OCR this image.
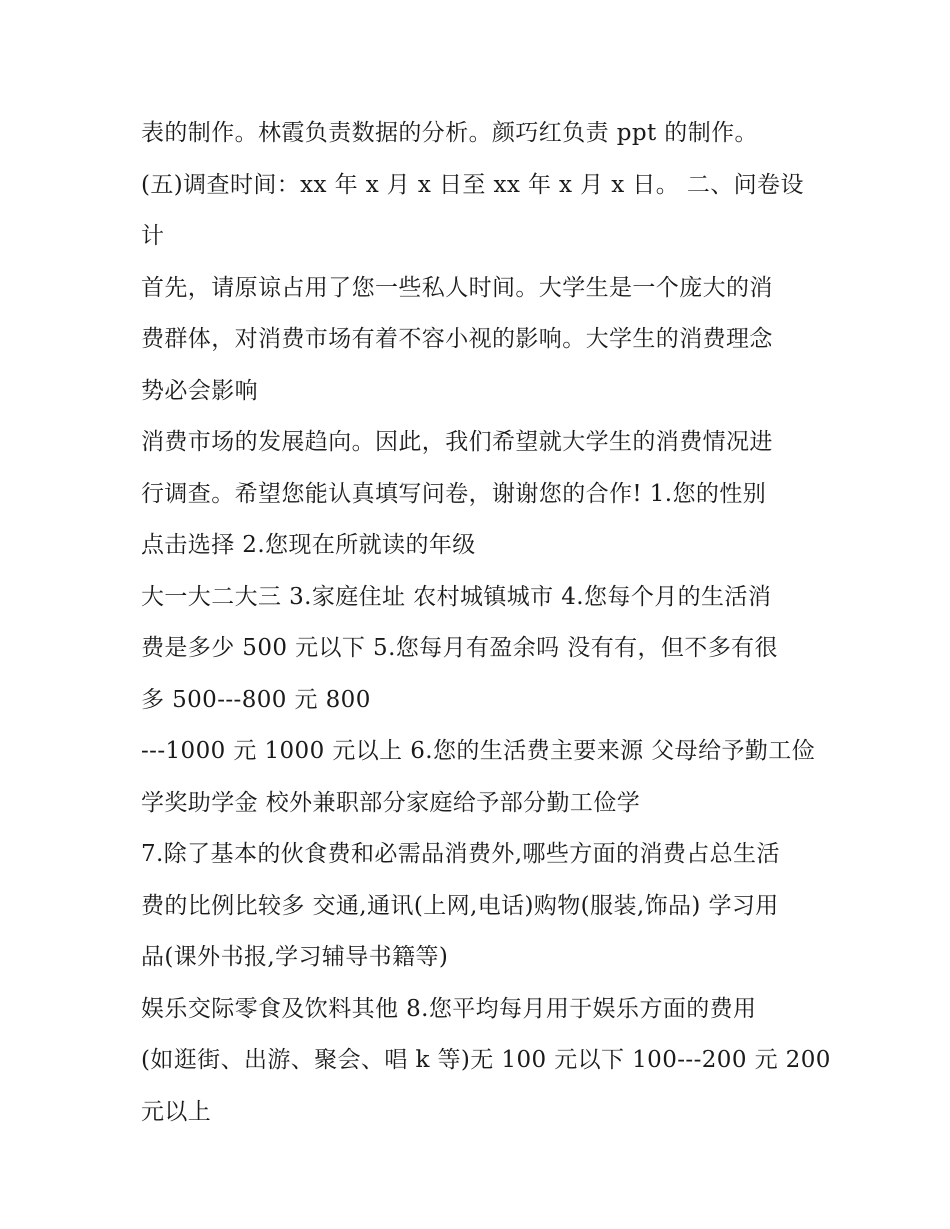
表的制作。林霞负责数据的分析。颜巧红负责 ppt 的制作。
(五)调查时间：xx 年 x 月 x 日至 xx 年 x 月 x 日。 二、问卷设
计
首先，请原谅占用了您一些私人时间。大学生是一个庞大的消
费群体，对消费市场有着不容小视的影响。大学生的消费理念
势必会影响
消费市场的发展趋向。因此，我们希望就大学生的消费情况进
行调查。希望您能认真填写问卷，谢谢您的合作! 1.您的性别
点击选择 2.您现在所就读的年级
大一大二大三 3.家庭住址 农村城镇城市 4.您每个月的生活消
费是多少 500 元以下 5.您每月有盈余吗 没有有，但不多有很
多 500---800 元 800
---1000 元 1000 元以上 6.您的生活费主要来源 父母给予勤工俭
学奖助学金 校外兼职部分家庭给予部分勤工俭学
7.除了基本的伙食费和必需品消费外,哪些方面的消费占总生活
费的比例比较多 交通,通讯(上网,电话)购物(服装,饰品) 学习用
品(课外书报,学习辅导书籍等)
娱乐交际零食及饮料其他 8.您平均每月用于娱乐方面的费用
(如逛街、出游、聚会、唱 k 等)无 100 元以下 100---200 元 200
元以上
